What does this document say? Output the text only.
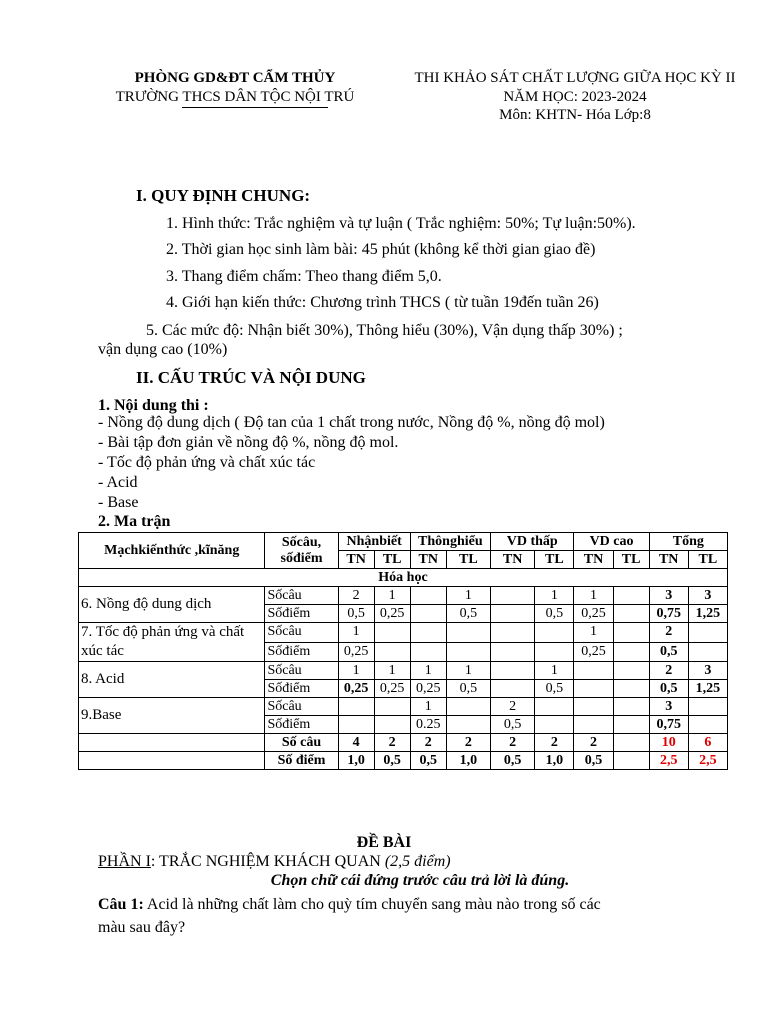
PHÒNG GD&ĐT CẨM THỦY
TRƯỜNG THCS DÂN TỘC NỘI TRÚ
THI KHẢO SÁT CHẤT LƯỢNG GIỮA HỌC KỲ II
NĂM HỌC: 2023-2024
Môn: KHTN- Hóa Lớp:8
I. QUY ĐỊNH CHUNG:
1. Hình thức: Trắc nghiệm và tự luận ( Trắc nghiệm: 50%; Tự luận:50%).
2. Thời gian học sinh làm bài: 45 phút (không kể thời gian giao đề)
3. Thang điểm chấm: Theo thang điểm 5,0.
4. Giới hạn kiến thức: Chương trình THCS ( từ tuần 19đến tuần 26)
5. Các mức độ: Nhận biết 30%), Thông hiểu (30%), Vận dụng thấp 30%) ;
vận dụng cao (10%)
II. CẤU TRÚC VÀ NỘI DUNG
1. Nội dung thi :
- Nồng độ dung dịch ( Độ tan của 1 chất trong nước, Nồng độ %, nồng độ mol)
- Bài tập đơn giản về nồng độ %, nồng độ mol.
- Tốc độ phản ứng và chất xúc tác
- Acid
- Base
2. Ma trận
Mạchkiếnthức ,kĩnăng	Sốcâu,
sốđiểm	Nhậnbiết		Thônghiểu		VD thấp		VD cao		Tổng	
		TN	TL	TN	TL	TN	TL	TN	TL	TN	TL
Hóa học											
6. Nồng độ dung dịch	Sốcâu	2	1		1		1	1		3	3
	Sốđiểm	0,5	0,25		0,5		0,5	0,25		0,75	1,25
7. Tốc độ phản ứng và chất xúc tác	Sốcâu	1						1		2	
	Sốđiểm	0,25						0,25		0,5	
8. Acid	Sốcâu	1	1	1	1		1			2	3
	Sốđiểm	0,25	0,25	0,25	0,5		0,5			0,5	1,25
9.Base	Sốcâu			1		2				3	
	Sốđiểm			0.25		0,5				0,75	
	Số câu	4	2	2	2	2	2	2		10	6
	Số điểm	1,0	0,5	0,5	1,0	0,5	1,0	0,5		2,5	2,5
ĐỀ BÀI
PHẦN I: TRẮC NGHIỆM KHÁCH QUAN (2,5 điểm)
Chọn chữ cái đứng trước câu trả lời là đúng.
Câu 1: Acid là những chất làm cho quỳ tím chuyển sang màu nào trong số các
màu sau đây?
